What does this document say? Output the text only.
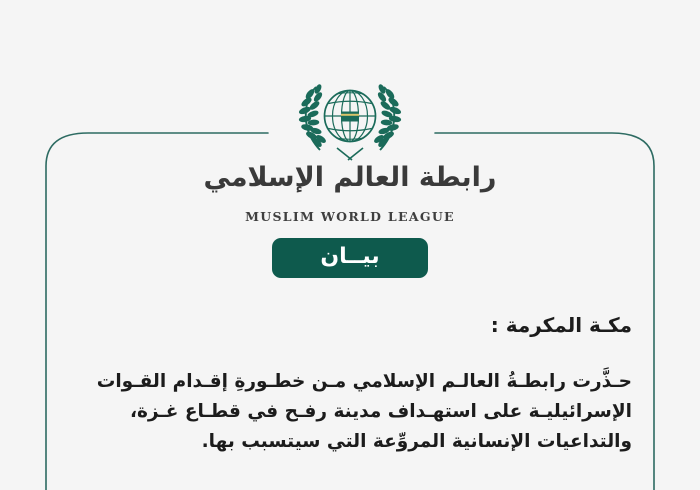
رابطة العالم الإسلامي
MUSLIM WORLD LEAGUE
بيــان
مكـة المكرمة :
حـذَّرت رابطـةُ العالـم الإسلامي مـن خطـورةِ إقـدام القـوات
الإسرائيليـة على استهـداف مدينة رفـح في قطـاع غـزة،
والتداعيات الإنسانية المروِّعة التي سيتسبب بها.
